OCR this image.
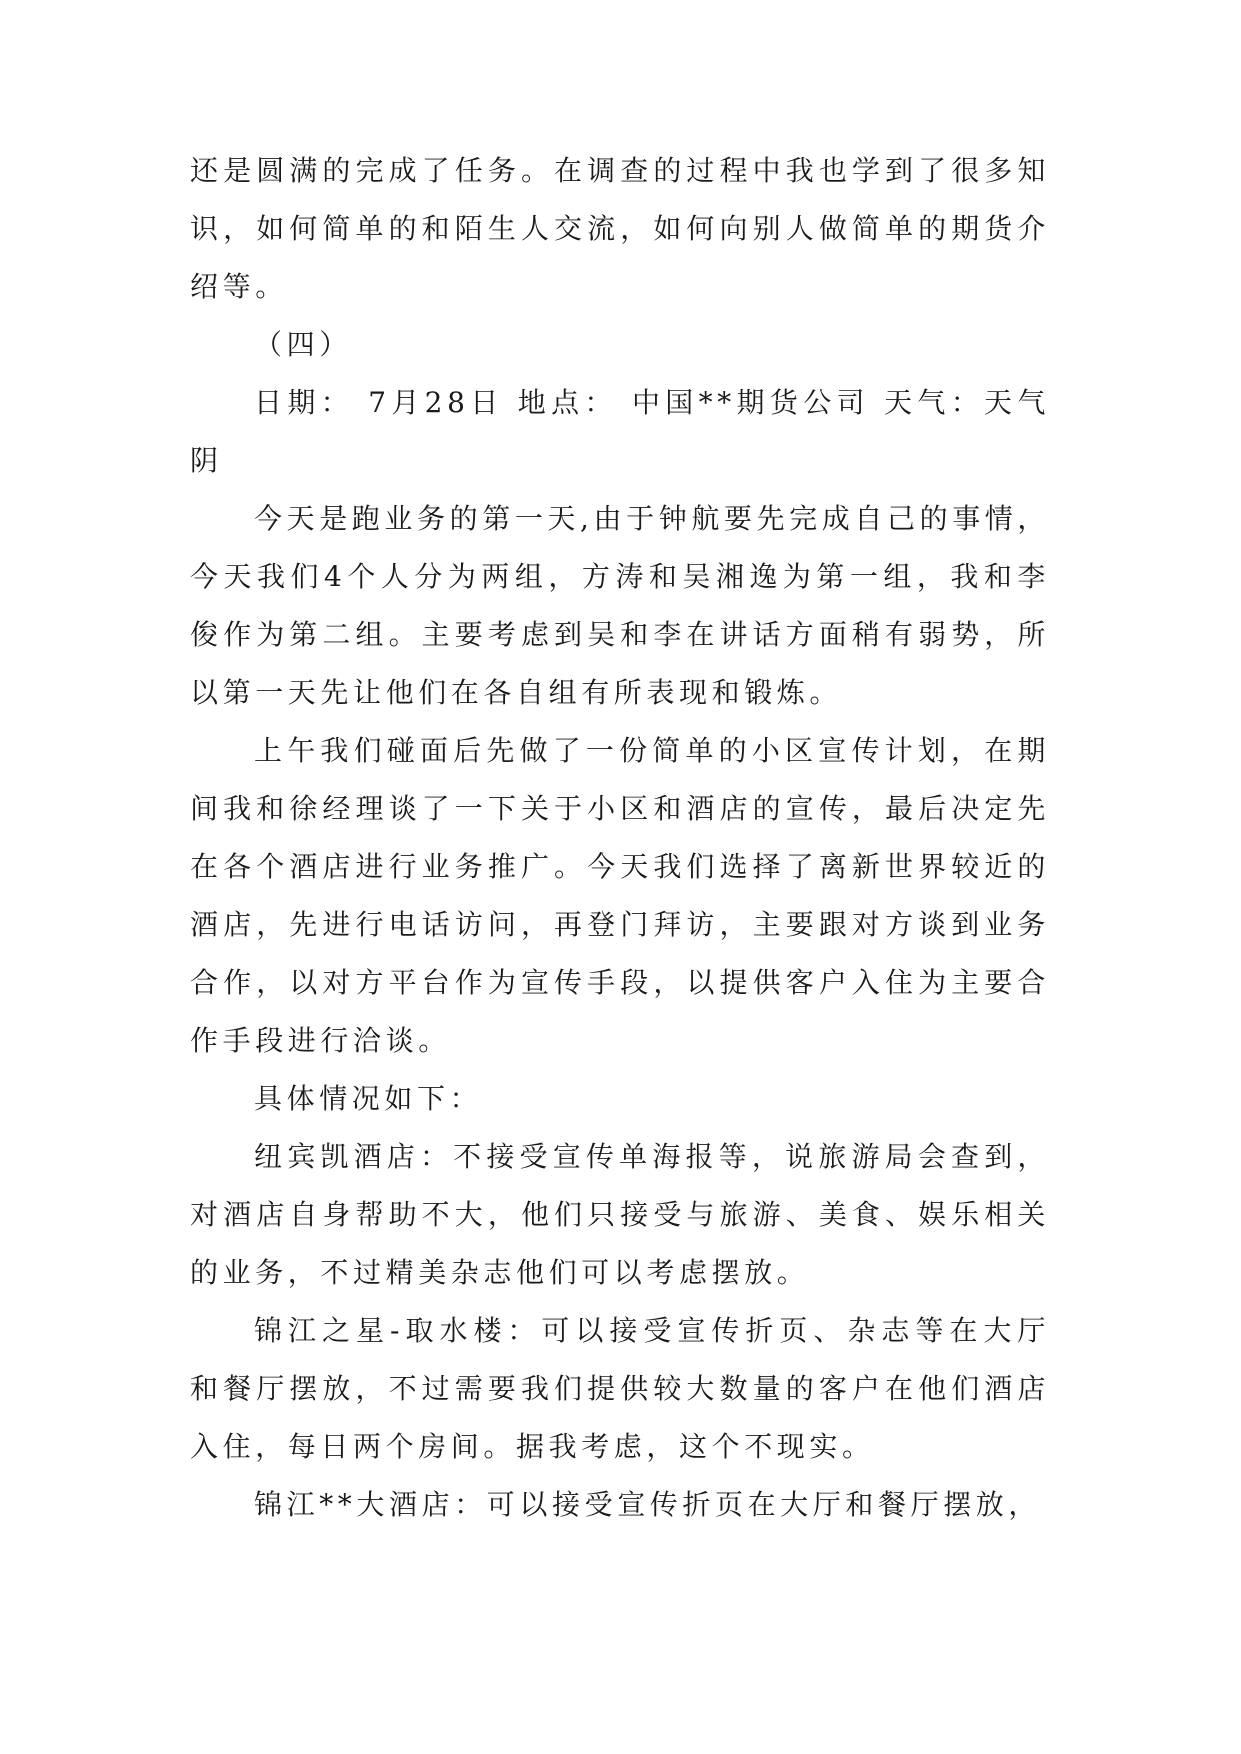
还是圆满的完成了任务。在调查的过程中我也学到了很多知识，如何简单的和陌生人交流，如何向别人做简单的期货介绍等。

（四）

日期： 7月28日 地点： 中国**期货公司 天气：天气阴

今天是跑业务的第一天,由于钟航要先完成自己的事情，今天我们4个人分为两组，方涛和吴湘逸为第一组，我和李俊作为第二组。主要考虑到吴和李在讲话方面稍有弱势，所以第一天先让他们在各自组有所表现和锻炼。

上午我们碰面后先做了一份简单的小区宣传计划，在期间我和徐经理谈了一下关于小区和酒店的宣传，最后决定先在各个酒店进行业务推广。今天我们选择了离新世界较近的酒店，先进行电话访问，再登门拜访，主要跟对方谈到业务合作，以对方平台作为宣传手段，以提供客户入住为主要合作手段进行洽谈。

具体情况如下：

纽宾凯酒店：不接受宣传单海报等，说旅游局会查到，对酒店自身帮助不大，他们只接受与旅游、美食、娱乐相关的业务，不过精美杂志他们可以考虑摆放。

锦江之星-取水楼：可以接受宣传折页、杂志等在大厅和餐厅摆放，不过需要我们提供较大数量的客户在他们酒店入住，每日两个房间。据我考虑，这个不现实。

锦江**大酒店：可以接受宣传折页在大厅和餐厅摆放，
